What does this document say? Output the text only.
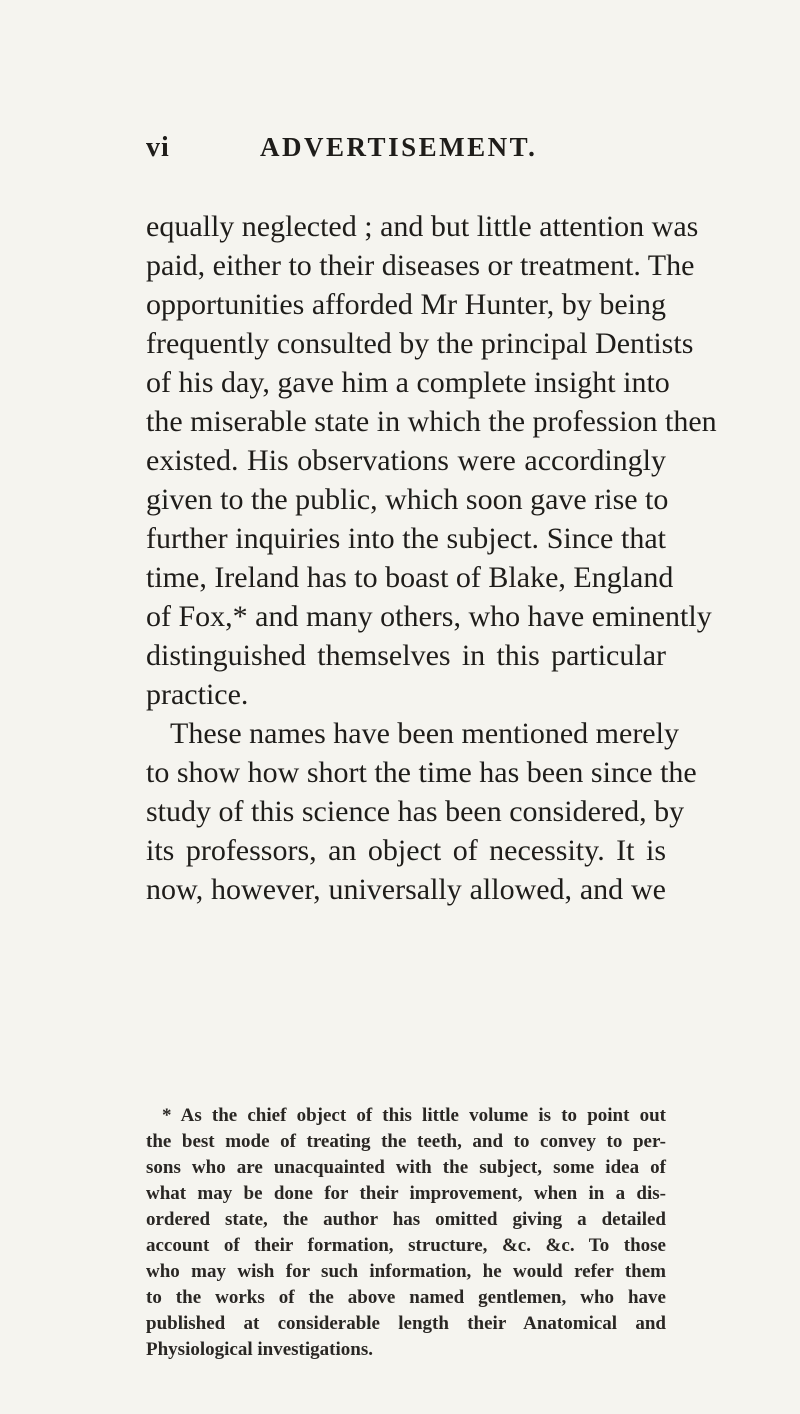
vi	ADVERTISEMENT.
equally neglected ; and but little attention was
paid, either to their diseases or treatment. The
opportunities afforded Mr Hunter, by being
frequently consulted by the principal Dentists
of his day, gave him a complete insight into
the miserable state in which the profession then
existed. His observations were accordingly
given to the public, which soon gave rise to
further inquiries into the subject. Since that
time, Ireland has to boast of Blake, England
of Fox,* and many others, who have eminently
distinguished themselves in this particular
practice.
These names have been mentioned merely
to show how short the time has been since the
study of this science has been considered, by
its professors, an object of necessity. It is
now, however, universally allowed, and we
* As the chief object of this little volume is to point out
the best mode of treating the teeth, and to convey to per-
sons who are unacquainted with the subject, some idea of
what may be done for their improvement, when in a dis-
ordered state, the author has omitted giving a detailed
account of their formation, structure, &c. &c. To those
who may wish for such information, he would refer them
to the works of the above named gentlemen, who have
published at considerable length their Anatomical and
Physiological investigations.
